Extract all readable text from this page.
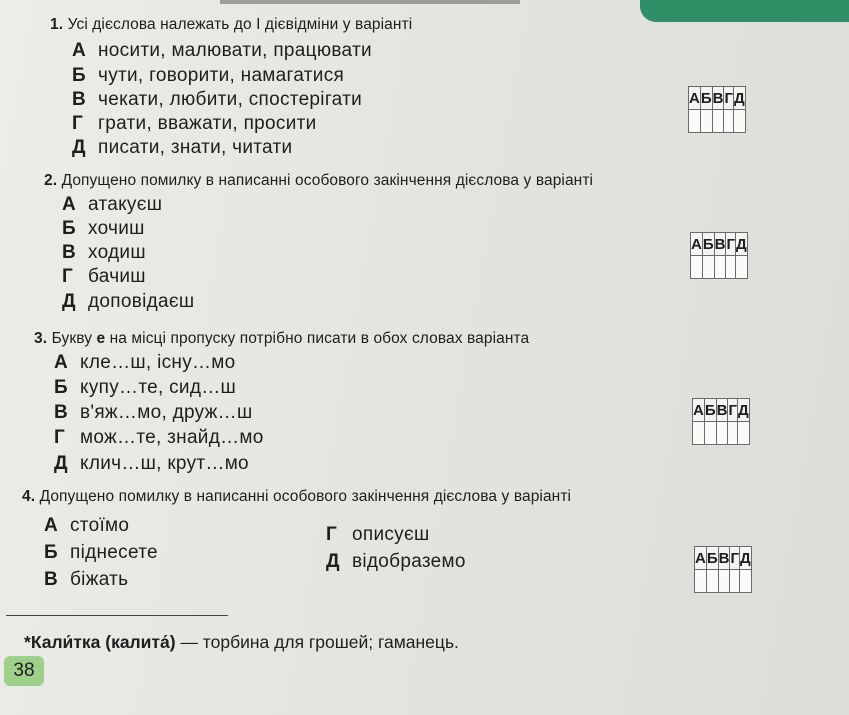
1. Усі дієслова належать до І дієвідміни у варіанті
А носити, малювати, працювати
Б чути, говорити, намагатися
В чекати, любити, спостерігати
Г грати, вважати, просити
Д писати, знати, читати
А	Б	В	Г	Д

2. Допущено помилку в написанні особового закінчення дієслова у варіанті
А атакуєш
Б хочиш
В ходиш
Г бачиш
Д доповідаєш
А	Б	В	Г	Д

3. Букву е на місці пропуску потрібно писати в обох словах варіанта
А кле…ш, існу…мо
Б купу…те, сид…ш
В в'яж…мо, друж…ш
Г мож…те, знайд…мо
Д клич…ш, крут…мо
А	Б	В	Г	Д

4. Допущено помилку в написанні особового закінчення дієслова у варіанті
А стоїмо
Б піднесете
В біжать
Г описуєш
Д відобраземо	А	Б	В	Г	Д

*Кали́тка (калита́) — торбина для грошей; гаманець.
38
